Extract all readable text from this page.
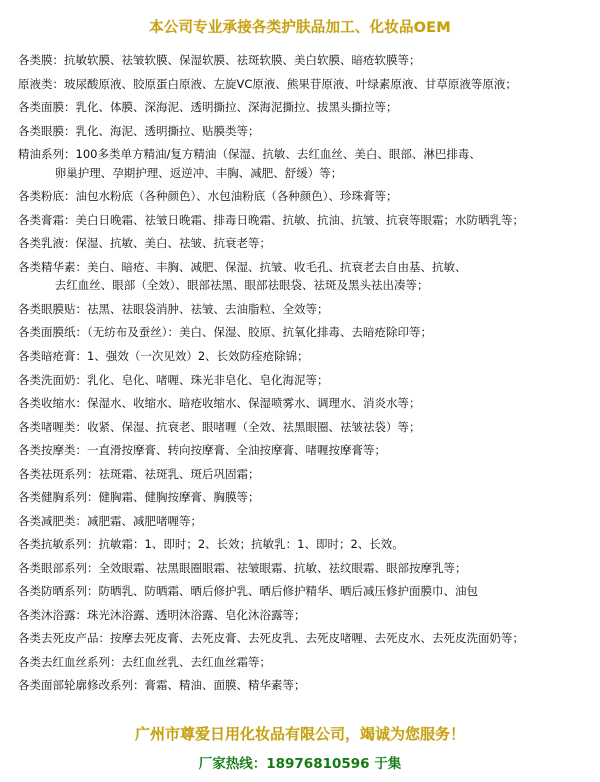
本公司专业承接各类护肤品加工、化妆品OEM
各类膜：抗敏软膜、祛皱软膜、保湿软膜、祛斑软膜、美白软膜、暗疮软膜等；
原液类：玻尿酸原液、胶原蛋白原液、左旋VC原液、熊果苷原液、叶绿素原液、甘草原液等原液；
各类面膜：乳化、体膜、深海泥、透明撕拉、深海泥撕拉、拔黑头撕拉等；
各类眼膜：乳化、海泥、透明撕拉、贴膜类等；
精油系列：100多类单方精油/复方精油（保湿、抗敏、去红血丝、美白、眼部、淋巴排毒、
卵巢护理、孕期护理、返逆冲、丰胸、减肥、舒缓）等；
各类粉底：油包水粉底（各种颜色）、水包油粉底（各种颜色）、珍珠膏等；
各类膏霜：美白日晚霜、祛皱日晚霜、排毒日晚霜、抗敏、抗油、抗皱、抗衰等眼霜；水防晒乳等；
各类乳液：保湿、抗敏、美白、祛皱、抗衰老等；
各类精华素：美白、暗疮、丰胸、减肥、保湿、抗皱、收毛孔、抗衰老去自由基、抗敏、
去红血丝、眼部（全效）、眼部祛黑、眼部祛眼袋、祛斑及黑头祛出凑等；
各类眼膜贴：祛黑、祛眼袋消肿、祛皱、去油脂粒、全效等；
各类面膜纸：（无纺布及蚕丝）：美白、保湿、胶原、抗氧化排毒、去暗疮除印等；
各类暗疮膏：1、强效（一次见效）2、长效防痊疮除锦；
各类洗面奶：乳化、皂化、啫喱、珠光非皂化、皂化海泥等；
各类收缩水：保湿水、收缩水、暗疮收缩水、保湿喷雾水、调理水、消炎水等；
各类啫喱类：收紧、保湿、抗衰老、眼啫喱（全效、祛黑眼圈、祛皱祛袋）等；
各类按摩类：一直滑按摩膏、转向按摩膏、全油按摩膏、啫喱按摩膏等；
各类祛斑系列：祛斑霜、祛斑乳、斑后巩固霜；
各类健胸系列：健胸霜、健胸按摩膏、胸膜等；
各类减肥类：减肥霜、减肥啫喱等；
各类抗敏系列：抗敏霜：1、即时；2、长效；抗敏乳：1、即时；2、长效。
各类眼部系列：全效眼霜、祛黑眼圈眼霜、祛皱眼霜、抗敏、祛纹眼霜、眼部按摩乳等；
各类防晒系列：防晒乳、防晒霜、晒后修护乳、晒后修护精华、晒后减压修护面膜巾、油包
各类沐浴露：珠光沐浴露、透明沐浴露、皂化沐浴露等；
各类去死皮产品：按摩去死皮膏、去死皮膏、去死皮乳、去死皮啫喱、去死皮水、去死皮洗面奶等；
各类去红血丝系列：去红血丝乳、去红血丝霜等；
各类面部轮廓修改系列：膏霜、精油、面膜、精华素等；
广州市尊爱日用化妆品有限公司，竭诚为您服务！
厂家热线：18976810596 于集
